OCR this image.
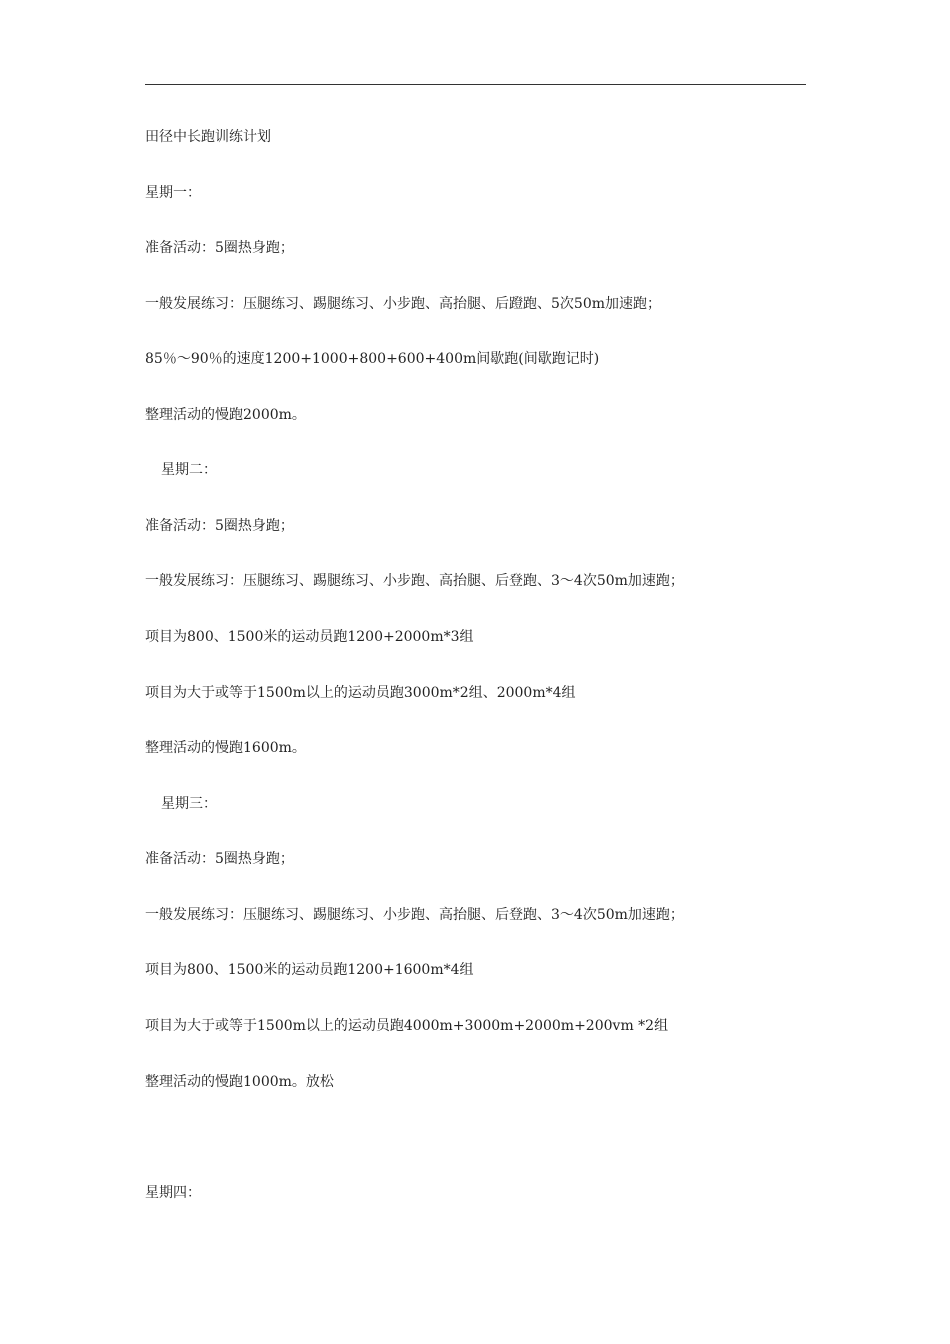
田径中长跑训练计划
星期一：
准备活动：5圈热身跑；
一般发展练习：压腿练习、踢腿练习、小步跑、高抬腿、后蹬跑、5次50m加速跑；
85％～90％的速度1200+1000+800+600+400m间歇跑(间歇跑记时)
整理活动的慢跑2000m。
星期二：
准备活动：5圈热身跑；
一般发展练习：压腿练习、踢腿练习、小步跑、高抬腿、后登跑、3～4次50m加速跑；
项目为800、1500米的运动员跑1200+2000m*3组
项目为大于或等于1500m以上的运动员跑3000m*2组、2000m*4组
整理活动的慢跑1600m。
星期三：
准备活动：5圈热身跑；
一般发展练习：压腿练习、踢腿练习、小步跑、高抬腿、后登跑、3～4次50m加速跑；
项目为800、1500米的运动员跑1200+1600m*4组
项目为大于或等于1500m以上的运动员跑4000m+3000m+2000m+200vm *2组
整理活动的慢跑1000m。放松
星期四：
